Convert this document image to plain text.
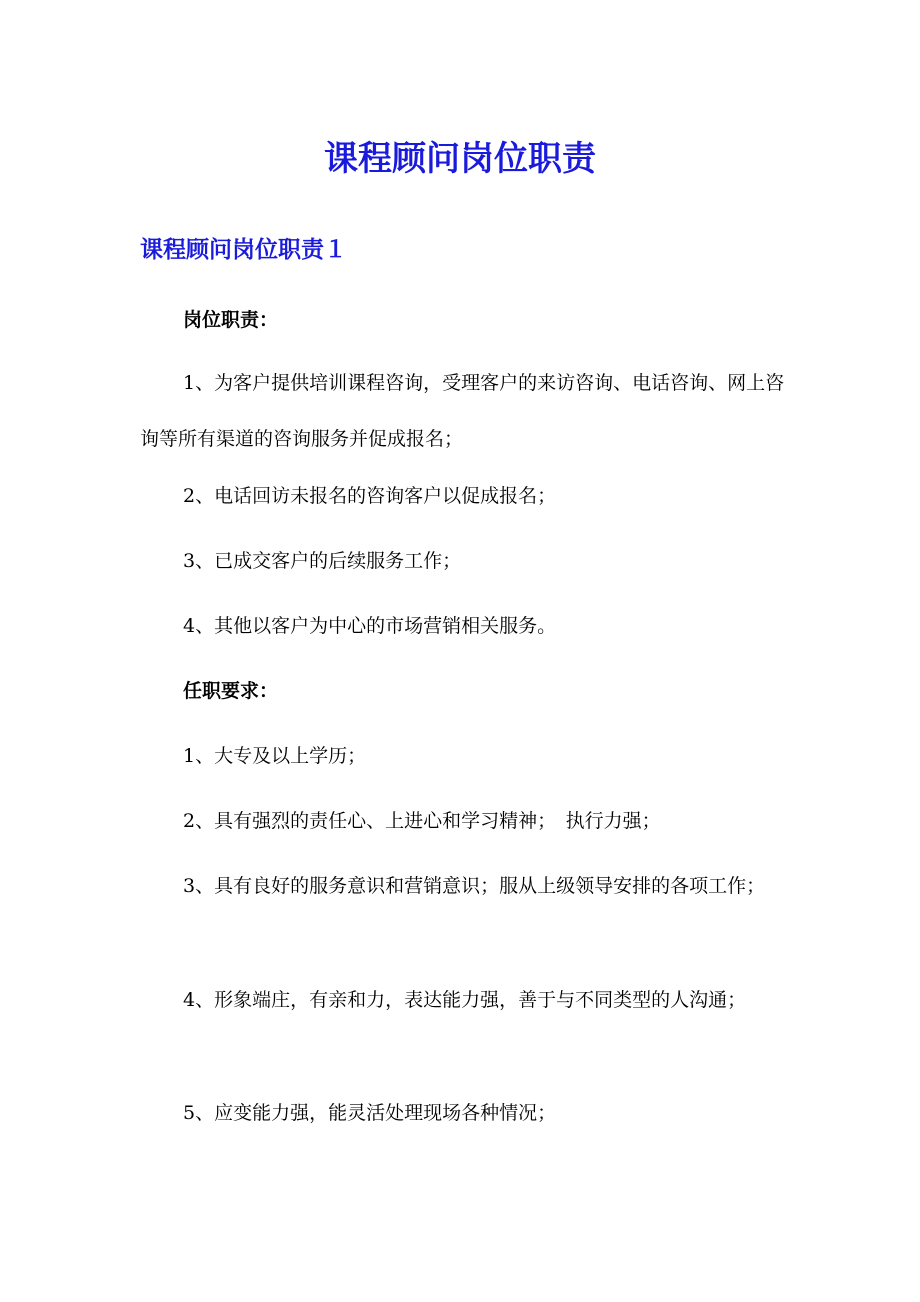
课程顾问岗位职责
课程顾问岗位职责１

岗位职责：

1、为客户提供培训课程咨询，受理客户的来访咨询、电话咨询、网上咨询等所有渠道的咨询服务并促成报名；

2、电话回访未报名的咨询客户以促成报名；

3、已成交客户的后续服务工作；

4、其他以客户为中心的市场营销相关服务。

任职要求：

1、大专及以上学历；

2、具有强烈的责任心、上进心和学习精神；　执行力强；

3、具有良好的服务意识和营销意识；服从上级领导安排的各项工作；

4、形象端庄，有亲和力，表达能力强，善于与不同类型的人沟通；

5、应变能力强，能灵活处理现场各种情况；
